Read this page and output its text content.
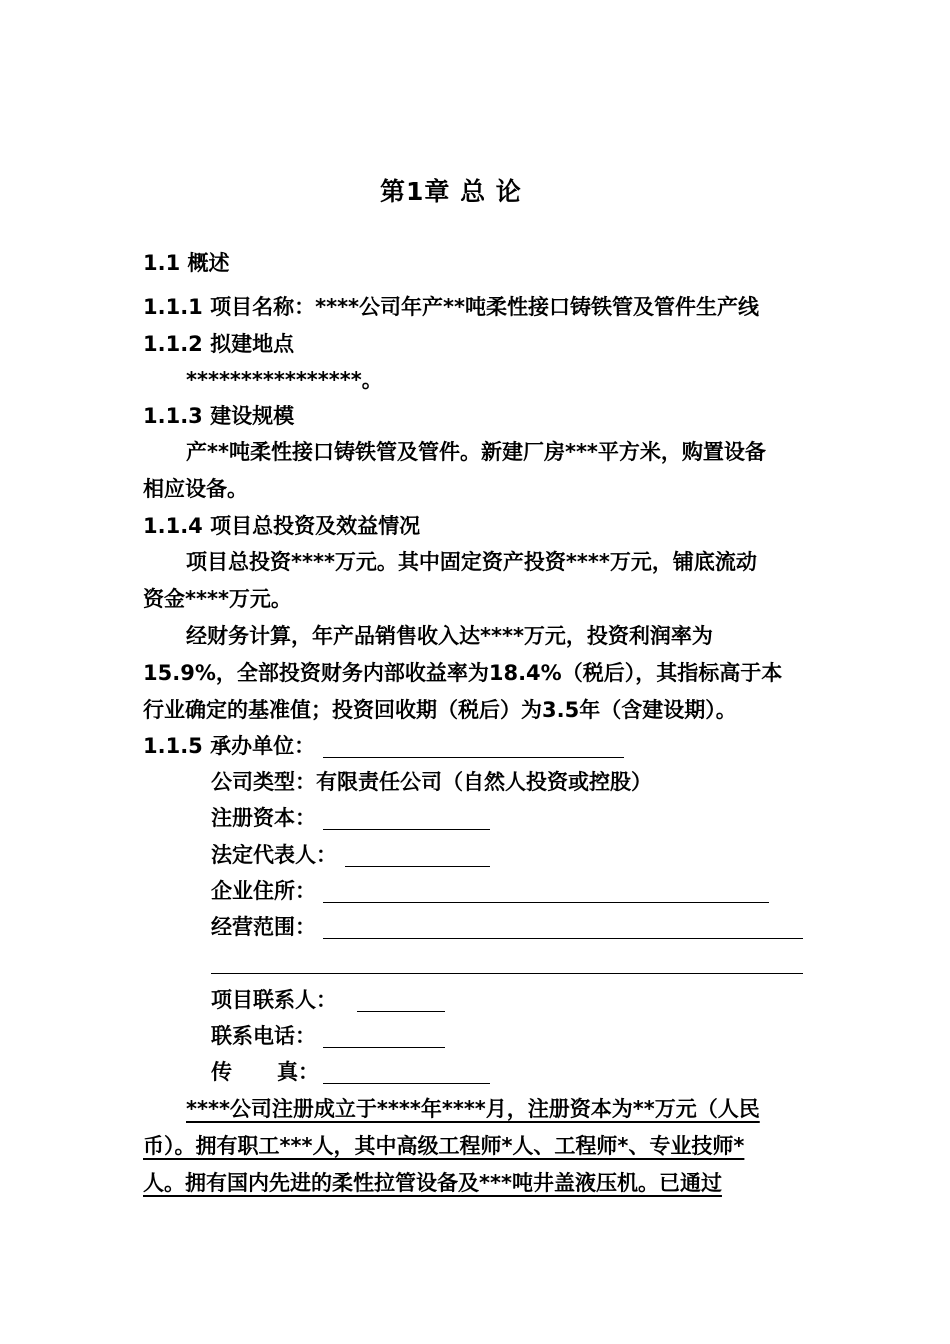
第1章 总 论
1.1 概述
1.1.1 项目名称：****公司年产**吨柔性接口铸铁管及管件生产线
1.1.2 拟建地点
****************。
1.1.3 建设规模
产**吨柔性接口铸铁管及管件。新建厂房***平方米，购置设备
相应设备。
1.1.4 项目总投资及效益情况
项目总投资****万元。其中固定资产投资****万元，铺底流动
资金****万元。
经财务计算，年产品销售收入达****万元，投资利润率为
15.9%，全部投资财务内部收益率为18.4%（税后），其指标高于本
行业确定的基准值；投资回收期（税后）为3.5年（含建设期）。
1.1.5 承办单位：
公司类型：有限责任公司（自然人投资或控股）
注册资本：
法定代表人：
企业住所：
经营范围：
项目联系人：
联系电话：
传 真：
****公司注册成立于****年****月，注册资本为**万元（人民
币）。拥有职工***人，其中高级工程师*人、工程师*、专业技师*
人。拥有国内先进的柔性拉管设备及***吨井盖液压机。已通过
